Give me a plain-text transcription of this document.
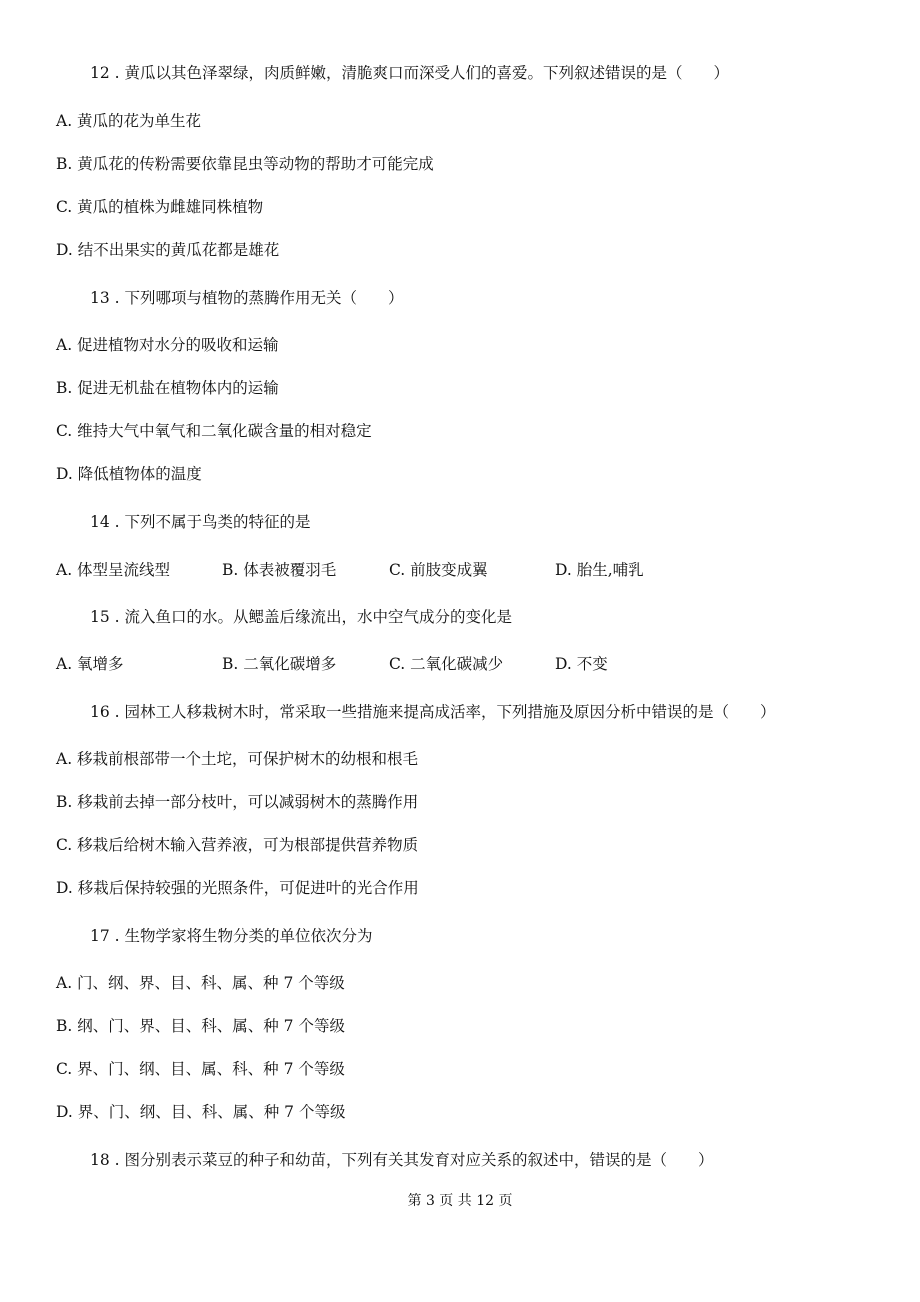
12 . 黄瓜以其色泽翠绿，肉质鲜嫩，清脆爽口而深受人们的喜爱。下列叙述错误的是（　　）
A. 黄瓜的花为单生花
B. 黄瓜花的传粉需要依靠昆虫等动物的帮助才可能完成
C. 黄瓜的植株为雌雄同株植物
D. 结不出果实的黄瓜花都是雄花
13 . 下列哪项与植物的蒸腾作用无关（　　）
A. 促进植物对水分的吸收和运输
B. 促进无机盐在植物体内的运输
C. 维持大气中氧气和二氧化碳含量的相对稳定
D. 降低植物体的温度
14 . 下列不属于鸟类的特征的是
A. 体型呈流线型	B. 体表被覆羽毛	C. 前肢变成翼	D. 胎生,哺乳
15 . 流入鱼口的水。从鳃盖后缘流出，水中空气成分的变化是
A. 氧增多	B. 二氧化碳增多	C. 二氧化碳减少	D. 不变
16 . 园林工人移栽树木时，常采取一些措施来提高成活率，下列措施及原因分析中错误的是（　　）
A. 移栽前根部带一个土坨，可保护树木的幼根和根毛
B. 移栽前去掉一部分枝叶，可以减弱树木的蒸腾作用
C. 移栽后给树木输入营养液，可为根部提供营养物质
D. 移栽后保持较强的光照条件，可促进叶的光合作用
17 . 生物学家将生物分类的单位依次分为
A. 门、纲、界、目、科、属、种 7 个等级
B. 纲、门、界、目、科、属、种 7 个等级
C. 界、门、纲、目、属、科、种 7 个等级
D. 界、门、纲、目、科、属、种 7 个等级
18 . 图分别表示菜豆的种子和幼苗，下列有关其发育对应关系的叙述中，错误的是（　　）
第 3 页 共 12 页
